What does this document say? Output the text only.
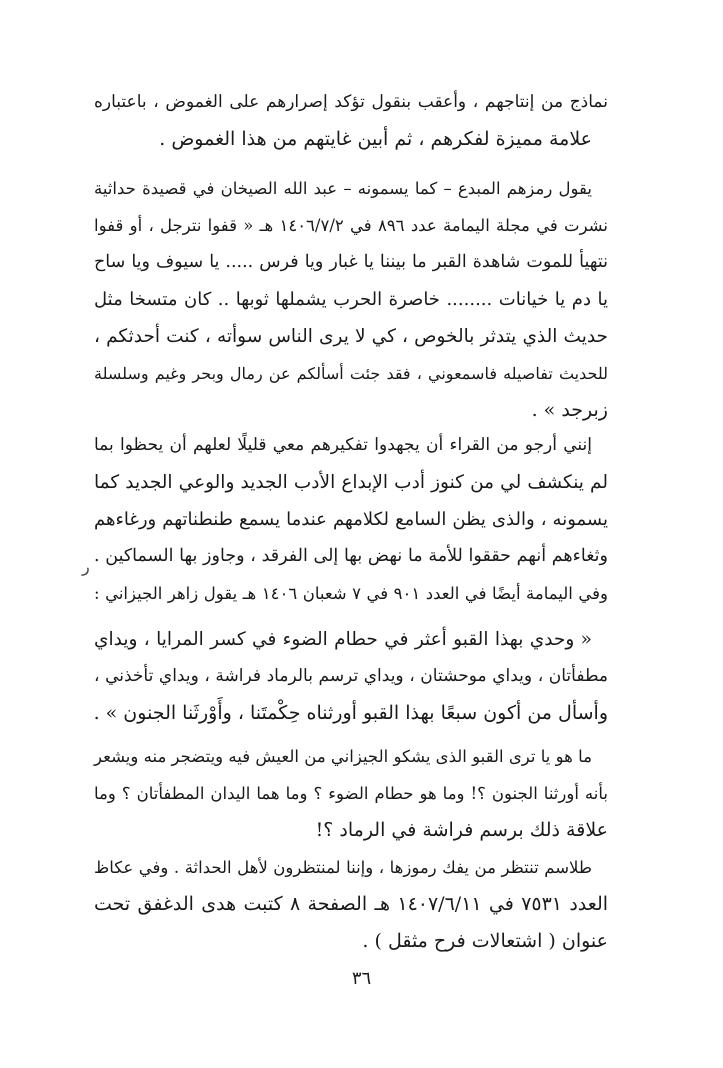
نماذج من إنتاجهم ، وأعقب بنقول تؤكد إصرارهم على الغموض ، باعتباره
علامة مميزة لفكرهم ، ثم أبين غايتهم من هذا الغموض .
يقول رمزهم المبدع – كما يسمونه – عبد الله الصيخان في قصيدة حداثية
نشرت في مجلة اليمامة عدد ٨٩٦ في ١٤٠٦/٧/٢ هـ « قفوا نترجل ، أو قفوا
نتهيأ للموت شاهدة القبر ما بيننا يا غبار ويا فرس ..... يا سيوف ويا ساح
يا دم يا خيانات ........ خاصرة الحرب يشملها ثوبها .. كان متسخا مثل
حديث الذي يتدثر بالخوص ، كي لا يرى الناس سوأته ، كنت أحدثكم ،
للحديث تفاصيله فاسمعوني ، فقد جئت أسألكم عن رمال وبحر وغيم وسلسلة
زبرجد » .
إنني أرجو من القراء أن يجهدوا تفكيرهم معي قليلًا لعلهم أن يحظوا بما
لم ينكشف لي من كنوز أدب الإبداع الأدب الجديد والوعي الجديد كما
يسمونه ، والذى يظن السامع لكلامهم عندما يسمع طنطناتهم ورغاءهم
وثغاءهم أنهم حققوا للأمة ما نهض بها إلى الفرقد ، وجاوز بها السماكين .
وفي اليمامة أيضًا في العدد ٩٠١ في ٧ شعبان ١٤٠٦ هـ يقول زاهر الجيزاني :
ر
« وحدي بهذا القبو أعثر في حطام الضوء في كسر المرايا ، ويداي
مطفأتان ، ويداي موحشتان ، ويداي ترسم بالرماد فراشة ، ويداي تأخذني ،
وأسأل من أكون سبعًا بهذا القبو أورثناه حِكْمتَنا ، وأَوْرثَنا الجنون » .
ما هو يا ترى القبو الذى يشكو الجيزاني من العيش فيه ويتضجر منه ويشعر
بأنه أورثنا الجنون ؟! وما هو حطام الضوء ؟ وما هما اليدان المطفأتان ؟ وما
علاقة ذلك برسم فراشة في الرماد ؟!
طلاسم تنتظر من يفك رموزها ، وإننا لمنتظرون لأهل الحداثة . وفي عكاظ
العدد ٧٥٣١ في ١٤٠٧/٦/١١ هـ الصفحة ٨ كتبت هدى الدغفق تحت
عنوان ( اشتعالات فرح مثقل ) .
٣٦
